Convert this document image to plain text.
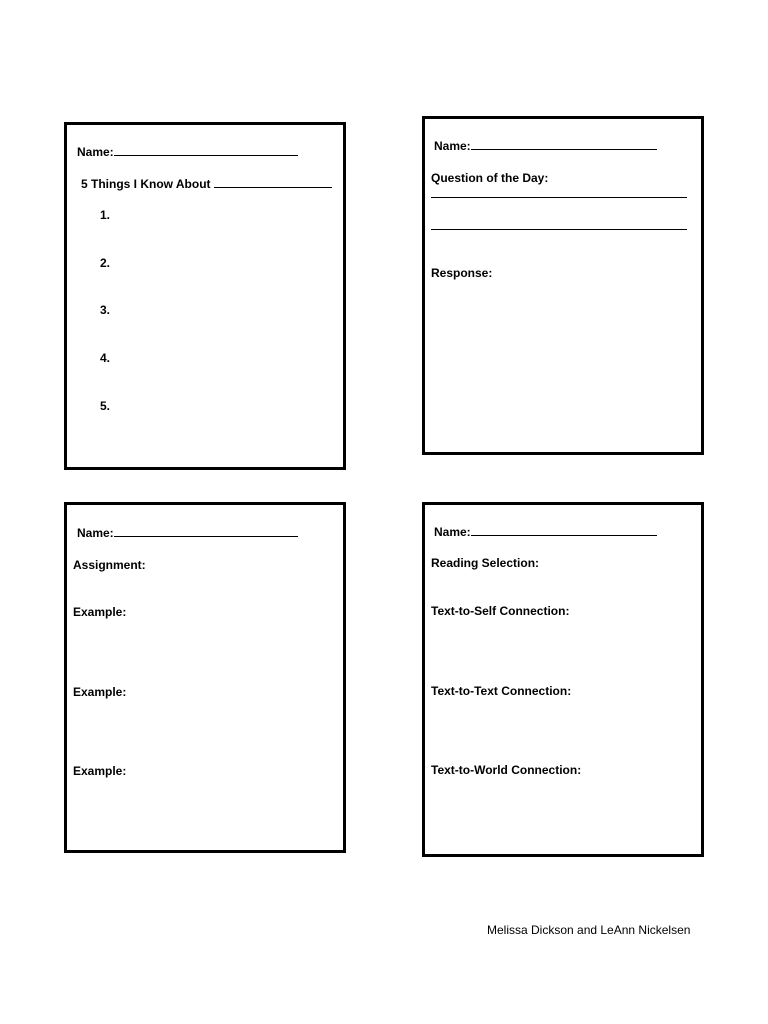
Name:
5 Things I Know About
1.
2.
3.
4.
5.
Name:
Question of the Day:
Response:
Name:
Assignment:
Example:
Example:
Example:
Name:
Reading Selection:
Text-to-Self Connection:
Text-to-Text Connection:
Text-to-World Connection:
Melissa Dickson and LeAnn Nickelsen
